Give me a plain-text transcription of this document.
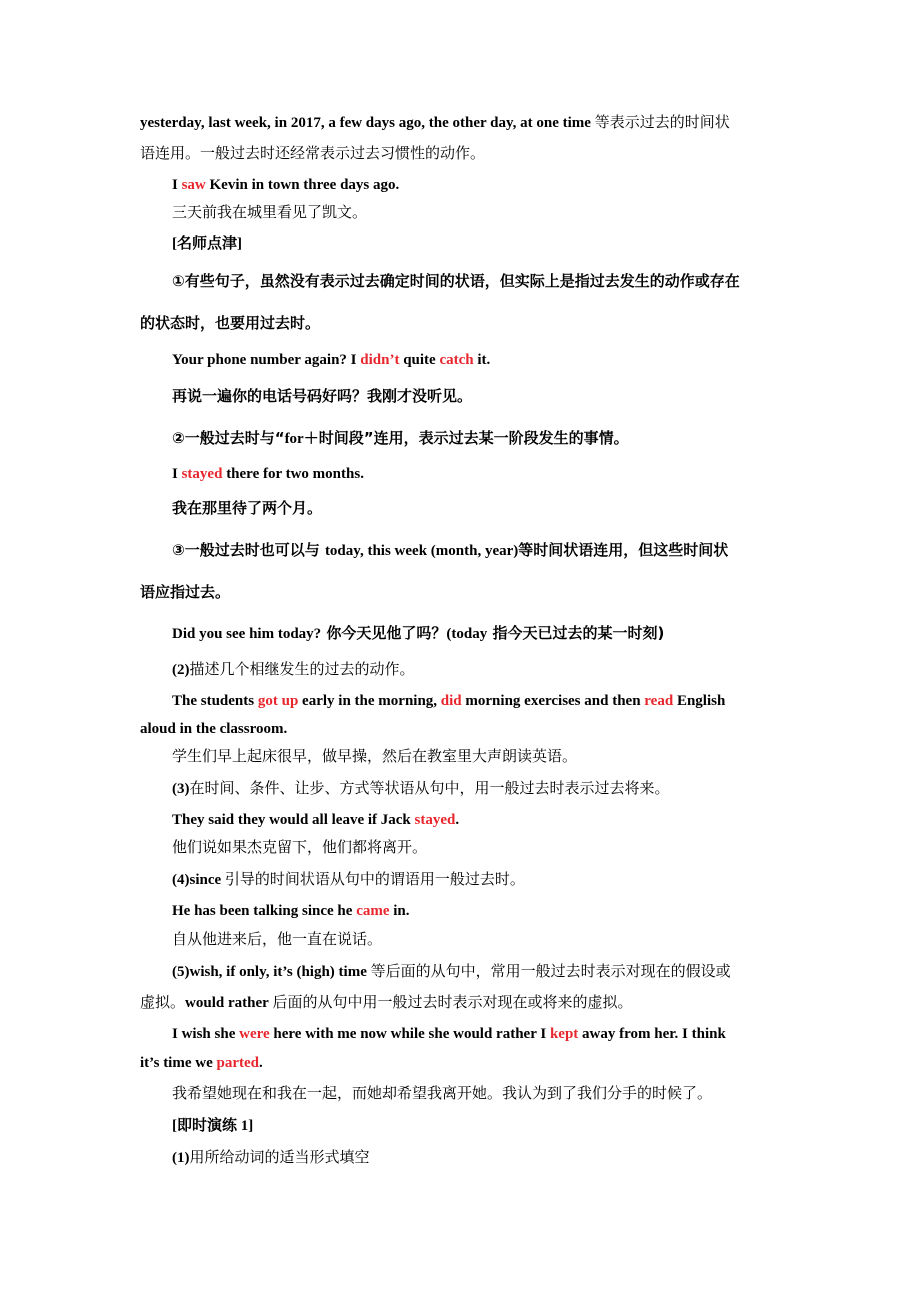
yesterday, last week, in 2017, a few days ago, the other day, at one time 等表示过去的时间状
语连用。一般过去时还经常表示过去习惯性的动作。
I saw Kevin in town three days ago.
三天前我在城里看见了凯文。
[名师点津]
①有些句子，虽然没有表示过去确定时间的状语，但实际上是指过去发生的动作或存在
的状态时，也要用过去时。
Your phone number again? I didn’t quite catch it.
再说一遍你的电话号码好吗？我刚才没听见。
②一般过去时与“for＋时间段”连用，表示过去某一阶段发生的事情。
I stayed there for two months.
我在那里待了两个月。
③一般过去时也可以与 today, this week (month, year)等时间状语连用，但这些时间状
语应指过去。
Did you see him today? 你今天见他了吗？(today 指今天已过去的某一时刻)
(2)描述几个相继发生的过去的动作。
The students got up early in the morning, did morning exercises and then read English
aloud in the classroom.
学生们早上起床很早，做早操，然后在教室里大声朗读英语。
(3)在时间、条件、让步、方式等状语从句中，用一般过去时表示过去将来。
They said they would all leave if Jack stayed.
他们说如果杰克留下，他们都将离开。
(4)since 引导的时间状语从句中的谓语用一般过去时。
He has been talking since he came in.
自从他进来后，他一直在说话。
(5)wish, if only, it’s (high) time 等后面的从句中，常用一般过去时表示对现在的假设或
虚拟。would rather 后面的从句中用一般过去时表示对现在或将来的虚拟。
I wish she were here with me now while she would rather I kept away from her. I think
it’s time we parted.
我希望她现在和我在一起，而她却希望我离开她。我认为到了我们分手的时候了。
[即时演练 1]
(1)用所给动词的适当形式填空
